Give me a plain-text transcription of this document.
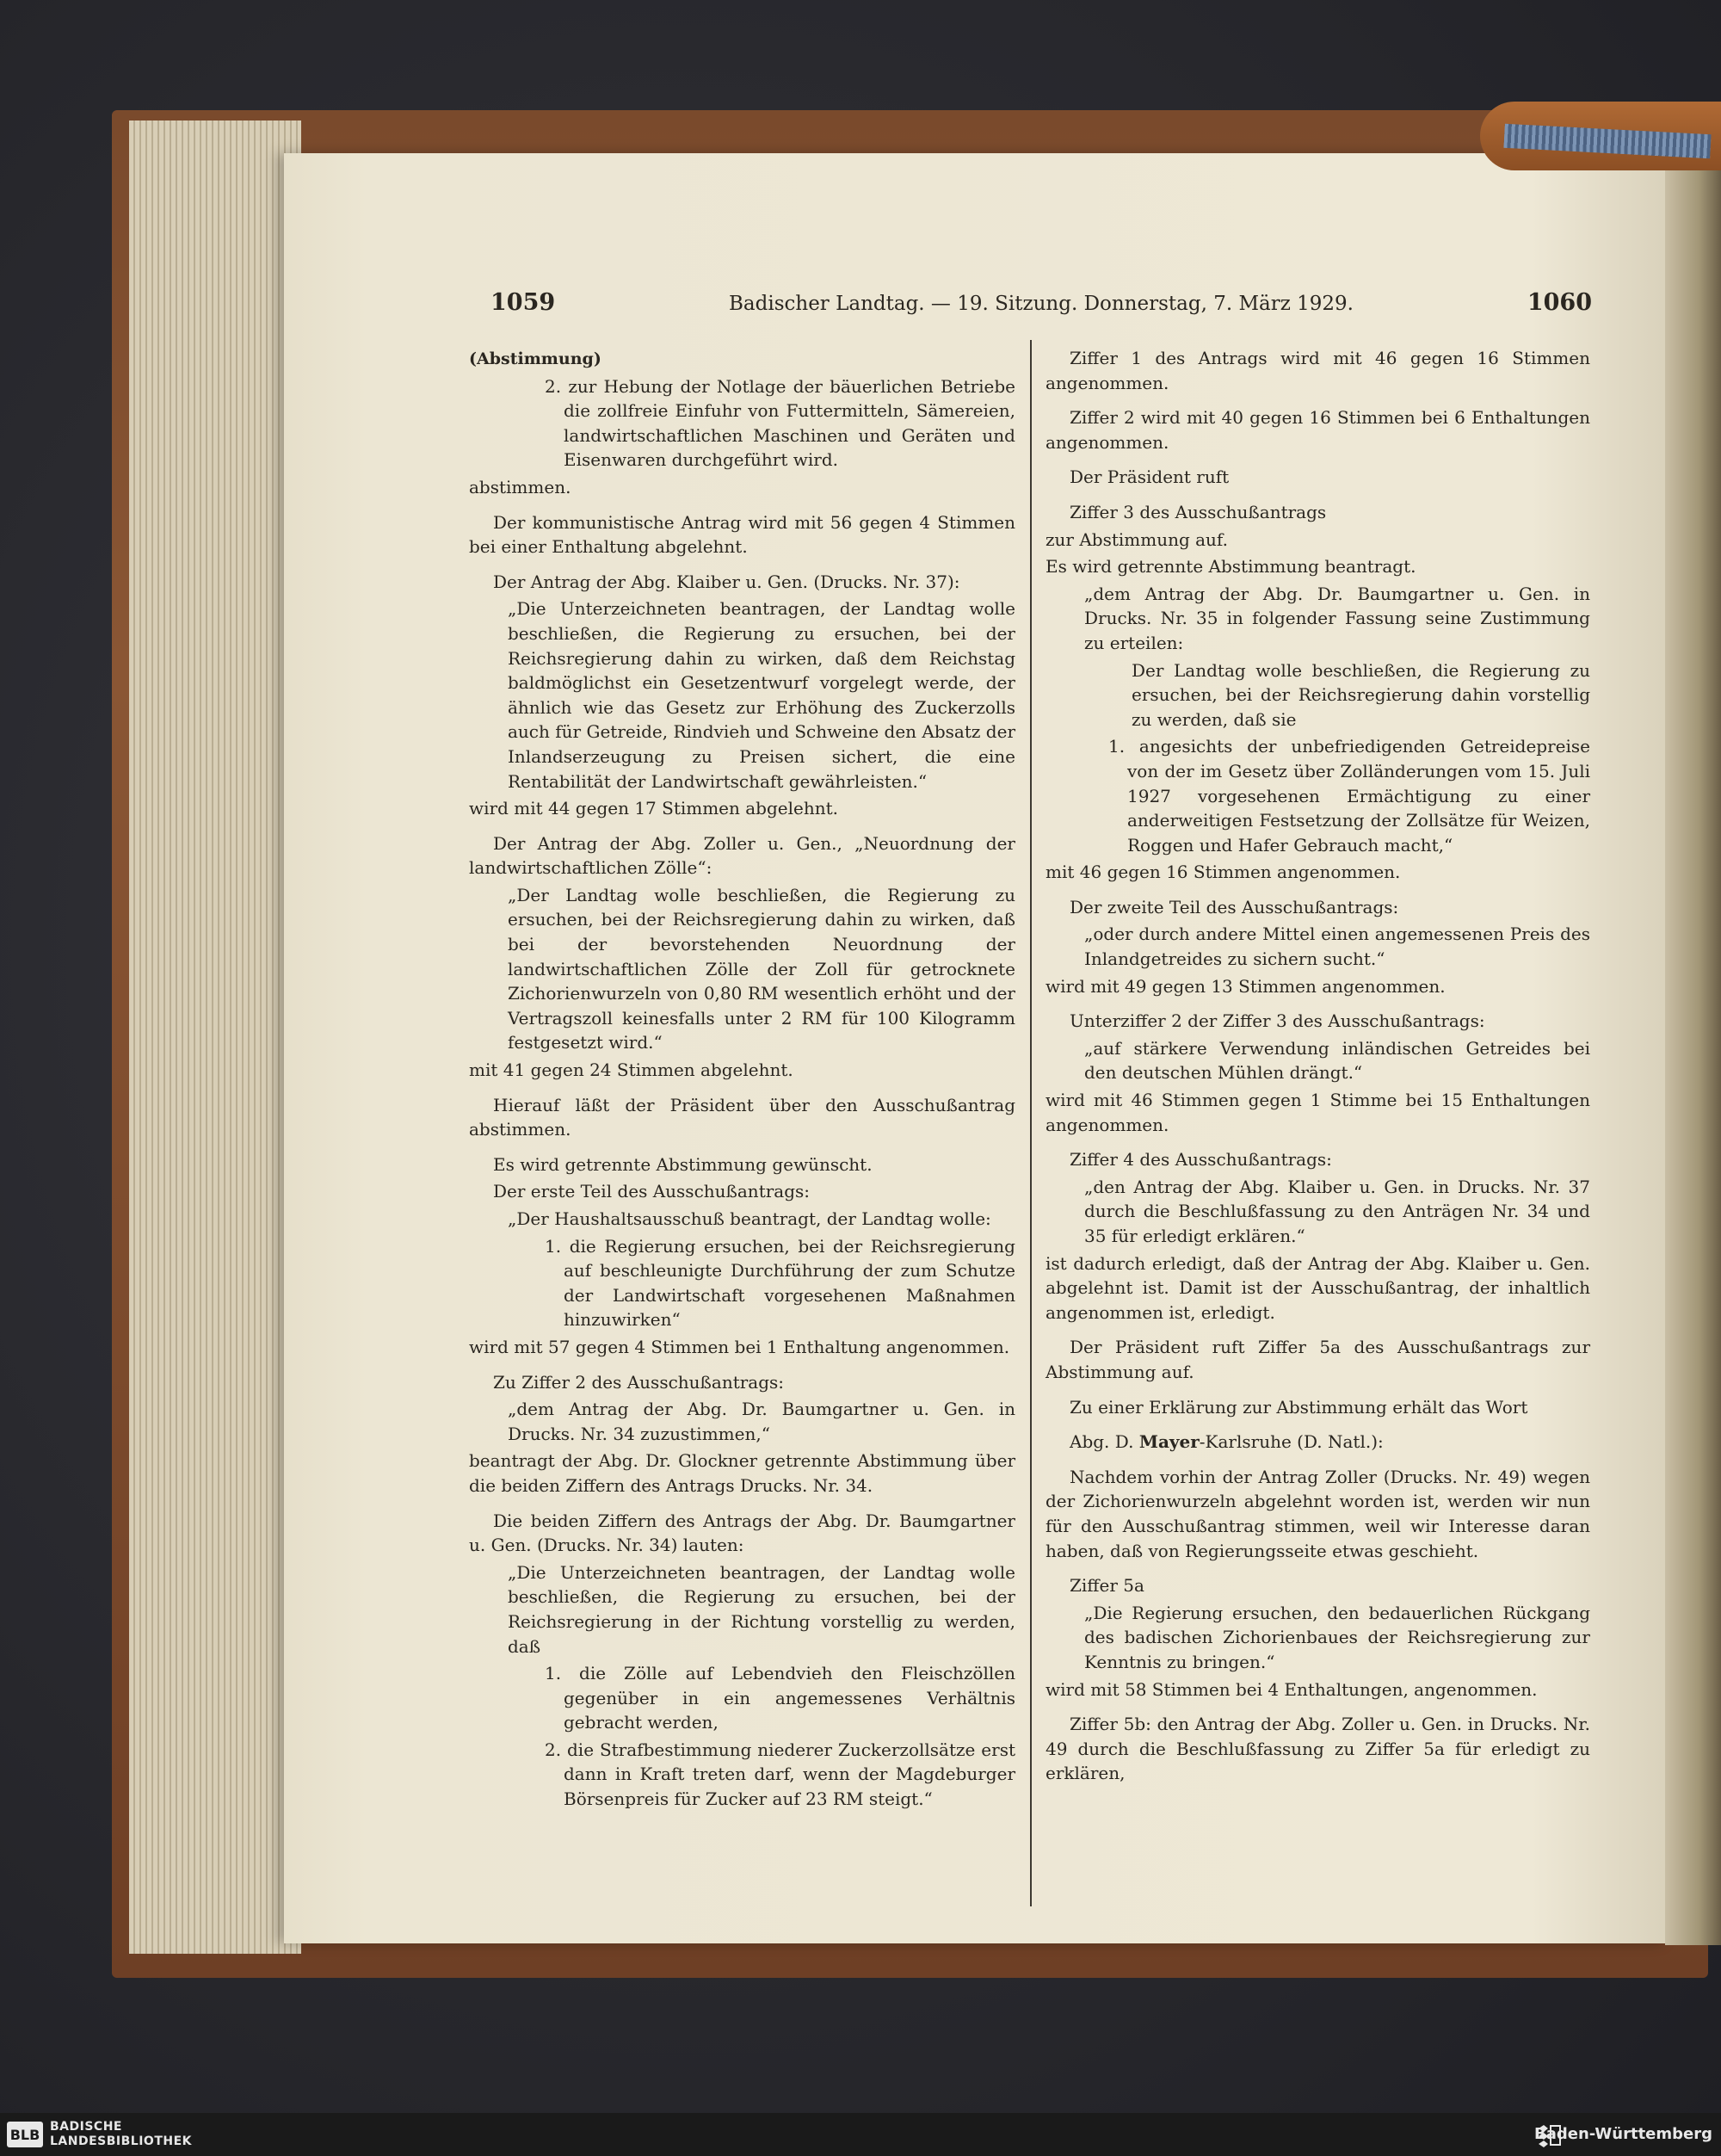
1059	Badischer Landtag. — 19. Sitzung. Donnerstag, 7. März 1929.	1060

(Abstimmung)

2. zur Hebung der Notlage der bäuerlichen Betriebe die zollfreie Einfuhr von Futtermitteln, Sämereien, landwirtschaftlichen Maschinen und Geräten und Eisenwaren durchgeführt wird.

abstimmen.

Der kommunistische Antrag wird mit 56 gegen 4 Stimmen bei einer Enthaltung abgelehnt.

Der Antrag der Abg. Klaiber u. Gen. (Drucks. Nr. 37):

„Die Unterzeichneten beantragen, der Landtag wolle beschließen, die Regierung zu ersuchen, bei der Reichsregierung dahin zu wirken, daß dem Reichstag baldmöglichst ein Gesetzentwurf vorgelegt werde, der ähnlich wie das Gesetz zur Erhöhung des Zuckerzolls auch für Getreide, Rindvieh und Schweine den Absatz der Inlandserzeugung zu Preisen sichert, die eine Rentabilität der Landwirtschaft gewährleisten.“

wird mit 44 gegen 17 Stimmen abgelehnt.

Der Antrag der Abg. Zoller u. Gen., „Neuordnung der landwirtschaftlichen Zölle“:

„Der Landtag wolle beschließen, die Regierung zu ersuchen, bei der Reichsregierung dahin zu wirken, daß bei der bevorstehenden Neuordnung der landwirtschaftlichen Zölle der Zoll für getrocknete Zichorienwurzeln von 0,80 RM wesentlich erhöht und der Vertragszoll keinesfalls unter 2 RM für 100 Kilogramm festgesetzt wird.“

mit 41 gegen 24 Stimmen abgelehnt.

Hierauf läßt der Präsident über den Ausschußantrag abstimmen.

Es wird getrennte Abstimmung gewünscht.

Der erste Teil des Ausschußantrags:

„Der Haushaltsausschuß beantragt, der Landtag wolle:

1. die Regierung ersuchen, bei der Reichsregierung auf beschleunigte Durchführung der zum Schutze der Landwirtschaft vorgesehenen Maßnahmen hinzuwirken“

wird mit 57 gegen 4 Stimmen bei 1 Enthaltung angenommen.

Zu Ziffer 2 des Ausschußantrags:

„dem Antrag der Abg. Dr. Baumgartner u. Gen. in Drucks. Nr. 34 zuzustimmen,“

beantragt der Abg. Dr. Glockner getrennte Abstimmung über die beiden Ziffern des Antrags Drucks. Nr. 34.

Die beiden Ziffern des Antrags der Abg. Dr. Baumgartner u. Gen. (Drucks. Nr. 34) lauten:

„Die Unterzeichneten beantragen, der Landtag wolle beschließen, die Regierung zu ersuchen, bei der Reichsregierung in der Richtung vorstellig zu werden, daß

1. die Zölle auf Lebendvieh den Fleischzöllen gegenüber in ein angemessenes Verhältnis gebracht werden,

2. die Strafbestimmung niederer Zuckerzollsätze erst dann in Kraft treten darf, wenn der Magdeburger Börsenpreis für Zucker auf 23 RM steigt.“

Ziffer 1 des Antrags wird mit 46 gegen 16 Stimmen angenommen.

Ziffer 2 wird mit 40 gegen 16 Stimmen bei 6 Enthaltungen angenommen.

Der Präsident ruft

Ziffer 3 des Ausschußantrags

zur Abstimmung auf.

Es wird getrennte Abstimmung beantragt.

„dem Antrag der Abg. Dr. Baumgartner u. Gen. in Drucks. Nr. 35 in folgender Fassung seine Zustimmung zu erteilen:

Der Landtag wolle beschließen, die Regierung zu ersuchen, bei der Reichsregierung dahin vorstellig zu werden, daß sie

1. angesichts der unbefriedigenden Getreidepreise von der im Gesetz über Zolländerungen vom 15. Juli 1927 vorgesehenen Ermächtigung zu einer anderweitigen Festsetzung der Zollsätze für Weizen, Roggen und Hafer Gebrauch macht,“

mit 46 gegen 16 Stimmen angenommen.

Der zweite Teil des Ausschußantrags:

„oder durch andere Mittel einen angemessenen Preis des Inlandgetreides zu sichern sucht.“

wird mit 49 gegen 13 Stimmen angenommen.

Unterziffer 2 der Ziffer 3 des Ausschußantrags:

„auf stärkere Verwendung inländischen Getreides bei den deutschen Mühlen drängt.“

wird mit 46 Stimmen gegen 1 Stimme bei 15 Enthaltungen angenommen.

Ziffer 4 des Ausschußantrags:

„den Antrag der Abg. Klaiber u. Gen. in Drucks. Nr. 37 durch die Beschlußfassung zu den Anträgen Nr. 34 und 35 für erledigt erklären.“

ist dadurch erledigt, daß der Antrag der Abg. Klaiber u. Gen. abgelehnt ist. Damit ist der Ausschußantrag, der inhaltlich angenommen ist, erledigt.

Der Präsident ruft Ziffer 5a des Ausschußantrags zur Abstimmung auf.

Zu einer Erklärung zur Abstimmung erhält das Wort

Abg. D. Mayer-Karlsruhe (D. Natl.):

Nachdem vorhin der Antrag Zoller (Drucks. Nr. 49) wegen der Zichorienwurzeln abgelehnt worden ist, werden wir nun für den Ausschußantrag stimmen, weil wir Interesse daran haben, daß von Regierungsseite etwas geschieht.

Ziffer 5a

„Die Regierung ersuchen, den bedauerlichen Rückgang des badischen Zichorienbaues der Reichsregierung zur Kenntnis zu bringen.“

wird mit 58 Stimmen bei 4 Enthaltungen, angenommen.

Ziffer 5b: den Antrag der Abg. Zoller u. Gen. in Drucks. Nr. 49 durch die Beschlußfassung zu Ziffer 5a für erledigt zu erklären,

BLB BADISCHE
LANDESBIBLIOTHEK	Baden-Württemberg
